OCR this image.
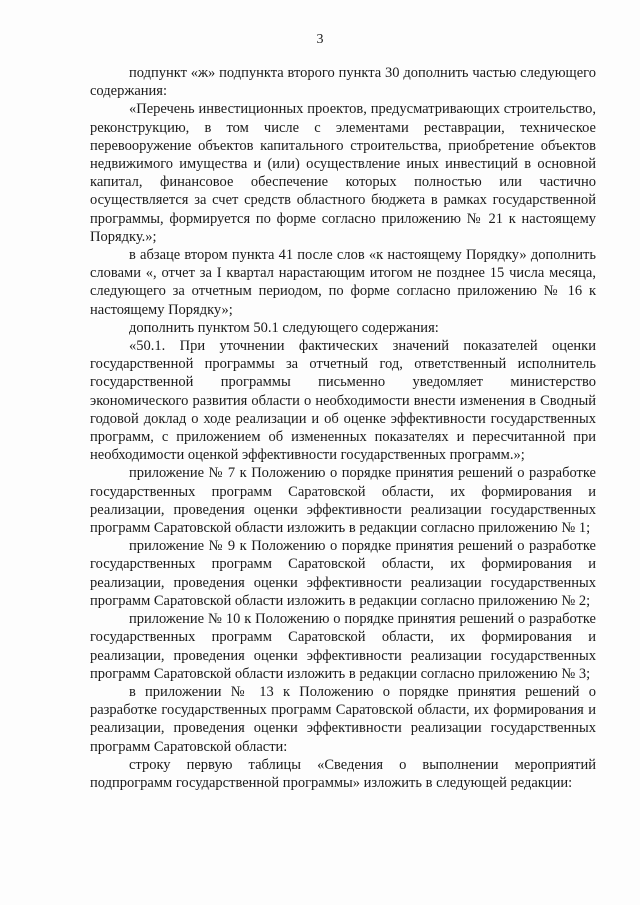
3

подпункт «ж» подпункта второго пункта 30 дополнить частью следующего содержания:

«Перечень инвестиционных проектов, предусматривающих строительство, реконструкцию, в том числе с элементами реставрации, техническое перевооружение объектов капитального строительства, приобретение объектов недвижимого имущества и (или) осуществление иных инвестиций в основной капитал, финансовое обеспечение которых полностью или частично осуществляется за счет средств областного бюджета в рамках государственной программы, формируется по форме согласно приложению № 21 к настоящему Порядку.»;

в абзаце втором пункта 41 после слов «к настоящему Порядку» дополнить словами «, отчет за I квартал нарастающим итогом не позднее 15 числа месяца, следующего за отчетным периодом, по форме согласно приложению № 16 к настоящему Порядку»;

дополнить пунктом 50.1 следующего содержания:

«50.1. При уточнении фактических значений показателей оценки государственной программы за отчетный год, ответственный исполнитель государственной программы письменно уведомляет министерство экономического развития области о необходимости внести изменения в Сводный годовой доклад о ходе реализации и об оценке эффективности государственных программ, с приложением об измененных показателях и пересчитанной при необходимости оценкой эффективности государственных программ.»;

приложение № 7 к Положению о порядке принятия решений о разработке государственных программ Саратовской области, их формирования и реализации, проведения оценки эффективности реализации государственных программ Саратовской области изложить в редакции согласно приложению № 1;

приложение № 9 к Положению о порядке принятия решений о разработке государственных программ Саратовской области, их формирования и реализации, проведения оценки эффективности реализации государственных программ Саратовской области изложить в редакции согласно приложению № 2;

приложение № 10 к Положению о порядке принятия решений о разработке государственных программ Саратовской области, их формирования и реализации, проведения оценки эффективности реализации государственных программ Саратовской области изложить в редакции согласно приложению № 3;

в приложении № 13 к Положению о порядке принятия решений о разработке государственных программ Саратовской области, их формирования и реализации, проведения оценки эффективности реализации государственных программ Саратовской области:

строку первую таблицы «Сведения о выполнении мероприятий подпрограмм государственной программы» изложить в следующей редакции:
